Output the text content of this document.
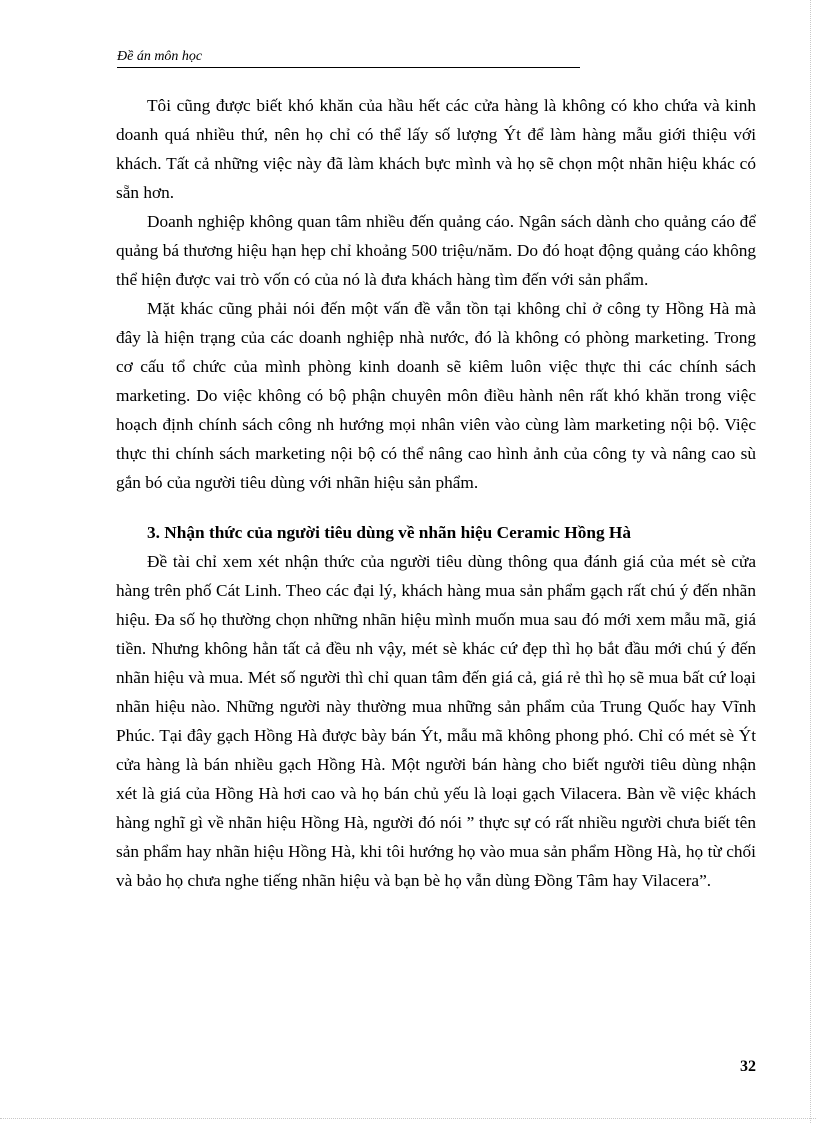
Đề án môn học

Tôi cũng được biết khó khăn của hầu hết các cửa hàng là không có kho chứa và kinh doanh quá nhiều thứ, nên họ chỉ có thể lấy số lượng Ýt để làm hàng mẫu giới thiệu với khách. Tất cả những việc này đã làm khách bực mình và họ sẽ chọn một nhãn hiệu khác có sẵn hơn.

Doanh nghiệp không quan tâm nhiều đến quảng cáo. Ngân sách dành cho quảng cáo để quảng bá thương hiệu hạn hẹp chỉ khoảng 500 triệu/năm. Do đó hoạt động quảng cáo không thể hiện được vai trò vốn có của nó là đưa khách hàng tìm đến với sản phẩm.

Mặt khác cũng phải nói đến một vấn đề vẫn tồn tại không chỉ ở công ty Hồng Hà mà đây là hiện trạng của các doanh nghiệp nhà nước, đó là không có phòng marketing. Trong cơ cấu tổ chức của mình phòng kinh doanh sẽ kiêm luôn việc thực thi các chính sách marketing. Do việc không có bộ phận chuyên môn điều hành nên rất khó khăn trong việc hoạch định chính sách công nh hướng mọi nhân viên vào cùng làm marketing nội bộ. Việc thực thi chính sách marketing nội bộ có thể nâng cao hình ảnh của công ty và nâng cao sù gắn bó của người tiêu dùng với nhãn hiệu sản phẩm.

3. Nhận thức của người tiêu dùng về nhãn hiệu Ceramic Hồng Hà

Đề tài chỉ xem xét nhận thức của người tiêu dùng thông qua đánh giá của mét sè cửa hàng trên phố Cát Linh. Theo các đại lý, khách hàng mua sản phẩm gạch rất chú ý đến nhãn hiệu. Đa số họ thường chọn những nhãn hiệu mình muốn mua sau đó mới xem mẫu mã, giá tiền. Nhưng không hẳn tất cả đều nh vậy, mét sè khác cứ đẹp thì họ bắt đầu mới chú ý đến nhãn hiệu và mua. Mét số người thì chỉ quan tâm đến giá cả, giá rẻ thì họ sẽ mua bất cứ loại nhãn hiệu nào. Những người này thường mua những sản phẩm của Trung Quốc hay Vĩnh Phúc. Tại đây gạch Hồng Hà được bày bán Ýt, mẫu mã không phong phó. Chỉ có mét sè Ýt cửa hàng là bán nhiều gạch Hồng Hà. Một người bán hàng cho biết người tiêu dùng nhận xét là giá của Hồng Hà hơi cao và họ bán chủ yếu là loại gạch Vilacera. Bàn về việc khách hàng nghĩ gì về nhãn hiệu Hồng Hà, người đó nói ” thực sự có rất nhiều người chưa biết tên sản phẩm hay nhãn hiệu Hồng Hà, khi tôi hướng họ vào mua sản phẩm Hồng Hà, họ từ chối và bảo họ chưa nghe tiếng nhãn hiệu và bạn bè họ vẫn dùng Đồng Tâm hay Vilacera”.

32
